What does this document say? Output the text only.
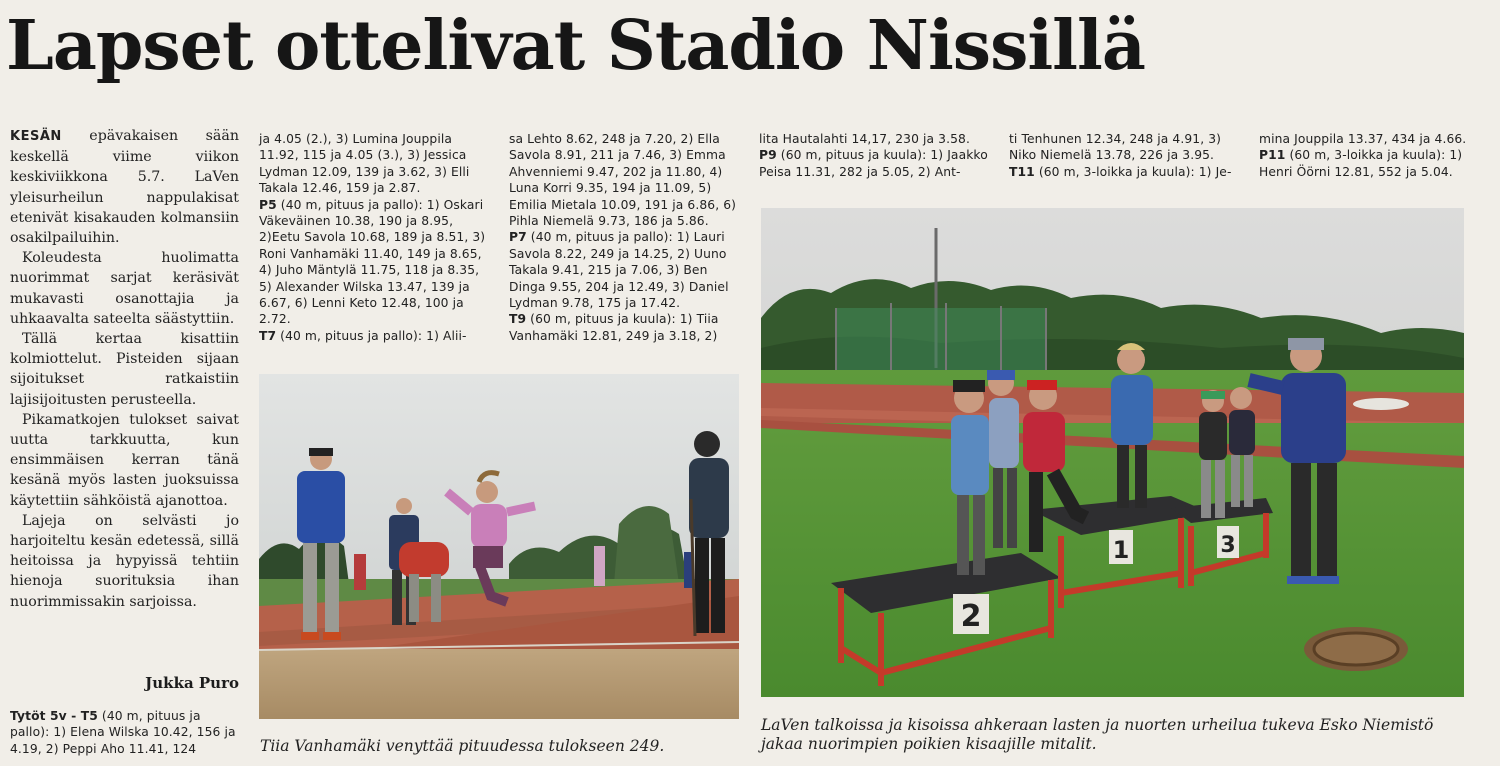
Lapset ottelivat Stadio Nissillä

KESÄN epävakaisen sään keskellä viime viikon keskiviikkona 5.7. LaVen yleisurheilun nappulakisat etenivät kisakauden kolmansiin osakilpailuihin.

Koleudesta huolimatta nuorimmat sarjat keräsivät mukavasti osanottajia ja uhkaavalta sateelta säästyttiin.

Tällä kertaa kisattiin kolmiottelut. Pisteiden sijaan sijoitukset ratkaistiin lajisijoitusten perusteella.

Pikamatkojen tulokset saivat uutta tarkkuutta, kun ensimmäisen kerran tänä kesänä myös lasten juoksuissa käytettiin sähköistä ajanottoa.

Lajeja on selvästi jo harjoiteltu kesän edetessä, sillä heitoissa ja hypyissä tehtiin hienoja suorituksia ihan nuorimmissakin sarjoissa.

Jukka Puro

Tytöt 5v - T5 (40 m, pituus ja pallo): 1) Elena Wilska 10.42, 156 ja 4.19, 2) Peppi Aho 11.41, 124

ja 4.05 (2.), 3) Lumina Jouppila 11.92, 115 ja 4.05 (3.), 3) Jessica Lydman 12.09, 139 ja 3.62, 3) Elli Takala 12.46, 159 ja 2.87.

P5 (40 m, pituus ja pallo): 1) Oskari Väkeväinen 10.38, 190 ja 8.95, 2)Eetu Savola 10.68, 189 ja 8.51, 3) Roni Vanhamäki 11.40, 149 ja 8.65, 4) Juho Mäntylä 11.75, 118 ja 8.35, 5) Alexander Wilska 13.47, 139 ja 6.67, 6) Lenni Keto 12.48, 100 ja 2.72.

T7 (40 m, pituus ja pallo): 1) Alii-

sa Lehto 8.62, 248 ja 7.20, 2) Ella Savola 8.91, 211 ja 7.46, 3) Emma Ahvenniemi 9.47, 202 ja 11.80, 4) Luna Korri 9.35, 194 ja 11.09, 5) Emilia Mietala 10.09, 191 ja 6.86, 6) Pihla Niemelä 9.73, 186 ja 5.86.

P7 (40 m, pituus ja pallo): 1) Lauri Savola 8.22, 249 ja 14.25, 2) Uuno Takala 9.41, 215 ja 7.06, 3) Ben Dinga 9.55, 204 ja 12.49, 3) Daniel Lydman 9.78, 175 ja 17.42.

T9 (60 m, pituus ja kuula): 1) Tiia Vanhamäki 12.81, 249 ja 3.18, 2)

lita Hautalahti 14,17, 230 ja 3.58.

P9 (60 m, pituus ja kuula): 1) Jaakko Peisa 11.31, 282 ja 5.05, 2) Ant-

ti Tenhunen 12.34, 248 ja 4.91, 3) Niko Niemelä 13.78, 226 ja 3.95.

T11 (60 m, 3-loikka ja kuula): 1) Je-

mina Jouppila 13.37, 434 ja 4.66.

P11 (60 m, 3-loikka ja kuula): 1) Henri Öörni 12.81, 552 ja 5.04.

Tiia Vanhamäki venyttää pituudessa tulokseen 249.
2
1	3
LaVen talkoissa ja kisoissa ahkeraan lasten ja nuorten urheilua tukeva Esko Niemistö jakaa nuorimpien poikien kisaajille mitalit.
